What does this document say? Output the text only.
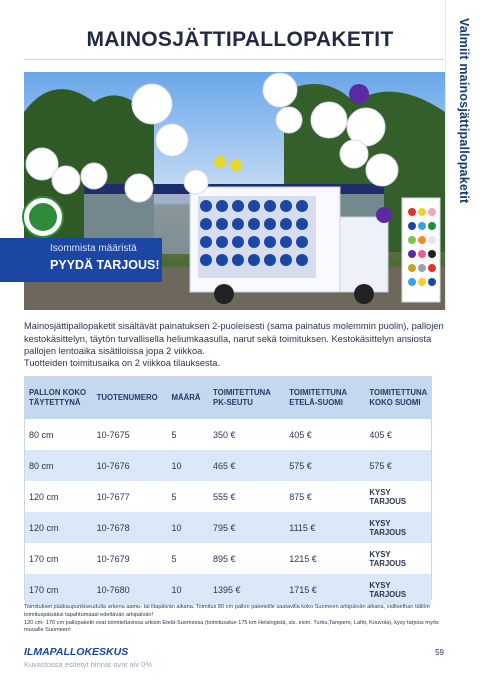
Valmiit mainosjättipallopaketit
MAINOSJÄTTIPALLOPAKETIT
Isommista määristä
PYYDÄ TARJOUS!
Mainosjättipallopaketit sisältävät painatuksen 2-puoleisesti (sama painatus molemmin puolin), pallojen kestokäsittelyn, täytön turvallisella heliumkaasulla, narut sekä toimituksen. Kestokäsittelyn ansiosta pallojen lentoaika sisätiloissa jopa 2 viikkoa.
Tuotteiden toimitusaika on 2 viikkoa tilauksesta.
PALLON KOKO TÄYTETTYNÄ	TUOTENUMERO	MÄÄRÄ	TOIMITETTUNA PK-SEUTU	TOIMITETTUNA ETELÄ-SUOMI	TOIMITETTUNA KOKO SUOMI
80 cm	10-7675	5	350 €	405 €	405 €
80 cm	10-7676	10	465 €	575 €	575 €
120 cm	10-7677	5	555 €	875 €	KYSY TARJOUS
120 cm	10-7678	10	795 €	1115 €	KYSY TARJOUS
170 cm	10-7679	5	895 €	1215 €	KYSY TARJOUS
170 cm	10-7680	10	1395 €	1715 €	KYSY TARJOUS
Toimitukset pääkaupunkiseudulla arkena aamu- tai iltapäivän aikana. Toimitus 80 cm pallon paketeille saatavilla koko Suomeen arkipäivän aikana, valitsethan tällöin toimituspäiväksi tapahtumaasi edeltävän arkipäivän!
120 cm- 170 cm pallopaketit ovat toimitettavissa arkisin Etelä-Suomessa (toimitusalue 175 km Helsingistä, sis. esim. Turku,Tampere, Lahti, Kouvola), kysy tarjous myös muualle Suomeen!
ILMAPALLOKESKUS
Kuvastossa esitetyt hinnat ovat alv 0%
59
